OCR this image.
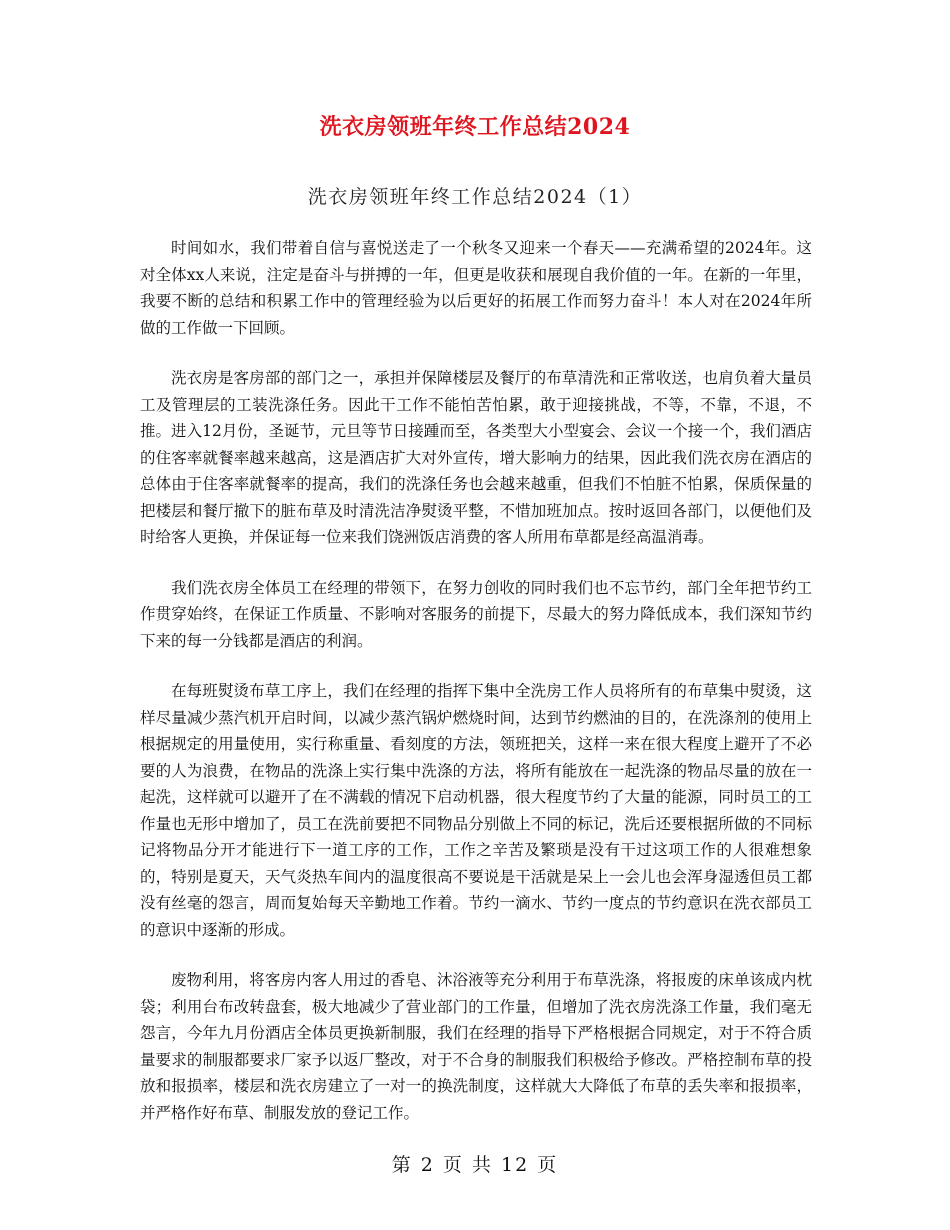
洗衣房领班年终工作总结2024
洗衣房领班年终工作总结2024（1）

时间如水，我们带着自信与喜悦送走了一个秋冬又迎来一个春天——充满希望的2024年。这对全体xx人来说，注定是奋斗与拼搏的一年，但更是收获和展现自我价值的一年。在新的一年里，我要不断的总结和积累工作中的管理经验为以后更好的拓展工作而努力奋斗！本人对在2024年所做的工作做一下回顾。

洗衣房是客房部的部门之一，承担并保障楼层及餐厅的布草清洗和正常收送，也肩负着大量员工及管理层的工装洗涤任务。因此干工作不能怕苦怕累，敢于迎接挑战，不等，不靠，不退，不推。进入12月份，圣诞节，元旦等节日接踵而至，各类型大小型宴会、会议一个接一个，我们酒店的住客率就餐率越来越高，这是酒店扩大对外宣传，增大影响力的结果，因此我们洗衣房在酒店的总体由于住客率就餐率的提高，我们的洗涤任务也会越来越重，但我们不怕脏不怕累，保质保量的把楼层和餐厅撤下的脏布草及时清洗洁净熨烫平整，不惜加班加点。按时返回各部门，以便他们及时给客人更换，并保证每一位来我们饶洲饭店消费的客人所用布草都是经高温消毒。

我们洗衣房全体员工在经理的带领下，在努力创收的同时我们也不忘节约，部门全年把节约工作贯穿始终，在保证工作质量、不影响对客服务的前提下，尽最大的努力降低成本，我们深知节约下来的每一分钱都是酒店的利润。

在每班熨烫布草工序上，我们在经理的指挥下集中全洗房工作人员将所有的布草集中熨烫，这样尽量减少蒸汽机开启时间，以减少蒸汽锅炉燃烧时间，达到节约燃油的目的，在洗涤剂的使用上根据规定的用量使用，实行称重量、看刻度的方法，领班把关，这样一来在很大程度上避开了不必要的人为浪费，在物品的洗涤上实行集中洗涤的方法，将所有能放在一起洗涤的物品尽量的放在一起洗，这样就可以避开了在不满载的情况下启动机器，很大程度节约了大量的能源，同时员工的工作量也无形中增加了，员工在洗前要把不同物品分别做上不同的标记，洗后还要根据所做的不同标记将物品分开才能进行下一道工序的工作，工作之辛苦及繁琐是没有干过这项工作的人很难想象的，特别是夏天，天气炎热车间内的温度很高不要说是干活就是呆上一会儿也会浑身湿透但员工都没有丝毫的怨言，周而复始每天辛勤地工作着。节约一滴水、节约一度点的节约意识在洗衣部员工的意识中逐渐的形成。

废物利用，将客房内客人用过的香皂、沐浴液等充分利用于布草洗涤，将报废的床单该成内枕袋；利用台布改转盘套，极大地减少了营业部门的工作量，但增加了洗衣房洗涤工作量，我们毫无怨言，今年九月份酒店全体员更换新制服，我们在经理的指导下严格根据合同规定，对于不符合质量要求的制服都要求厂家予以返厂整改，对于不合身的制服我们积极给予修改。严格控制布草的投放和报损率，楼层和洗衣房建立了一对一的换洗制度，这样就大大降低了布草的丢失率和报损率，并严格作好布草、制服发放的登记工作。

第 2 页 共 12 页
